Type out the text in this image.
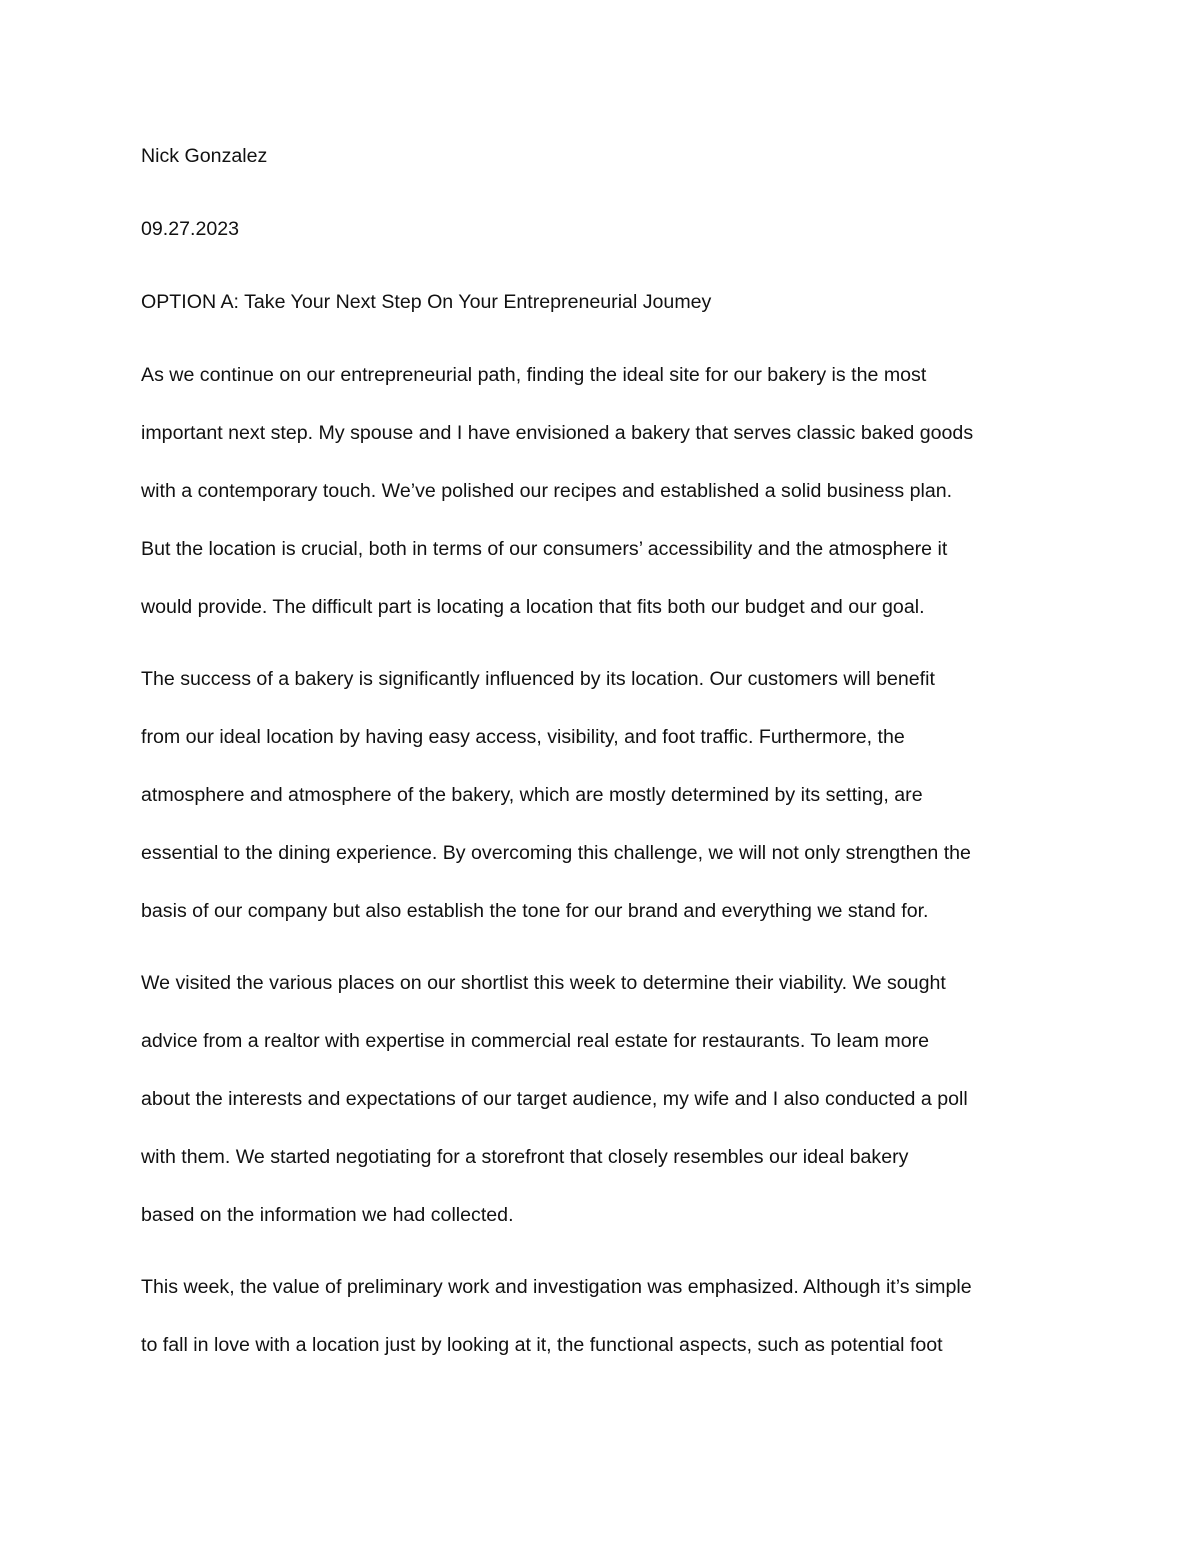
Nick Gonzalez

09.27.2023

OPTION A: Take Your Next Step On Your Entrepreneurial Joumey

As we continue on our entrepreneurial path, finding the ideal site for our bakery is the most
important next step. My spouse and I have envisioned a bakery that serves classic baked goods
with a contemporary touch. We’ve polished our recipes and established a solid business plan.
But the location is crucial, both in terms of our consumers’ accessibility and the atmosphere it
would provide. The difficult part is locating a location that fits both our budget and our goal.
The success of a bakery is significantly influenced by its location. Our customers will benefit
from our ideal location by having easy access, visibility, and foot traffic. Furthermore, the
atmosphere and atmosphere of the bakery, which are mostly determined by its setting, are
essential to the dining experience. By overcoming this challenge, we will not only strengthen the
basis of our company but also establish the tone for our brand and everything we stand for.
We visited the various places on our shortlist this week to determine their viability. We sought
advice from a realtor with expertise in commercial real estate for restaurants. To leam more
about the interests and expectations of our target audience, my wife and I also conducted a poll
with them. We started negotiating for a storefront that closely resembles our ideal bakery
based on the information we had collected.
This week, the value of preliminary work and investigation was emphasized. Although it’s simple
to fall in love with a location just by looking at it, the functional aspects, such as potential foot
